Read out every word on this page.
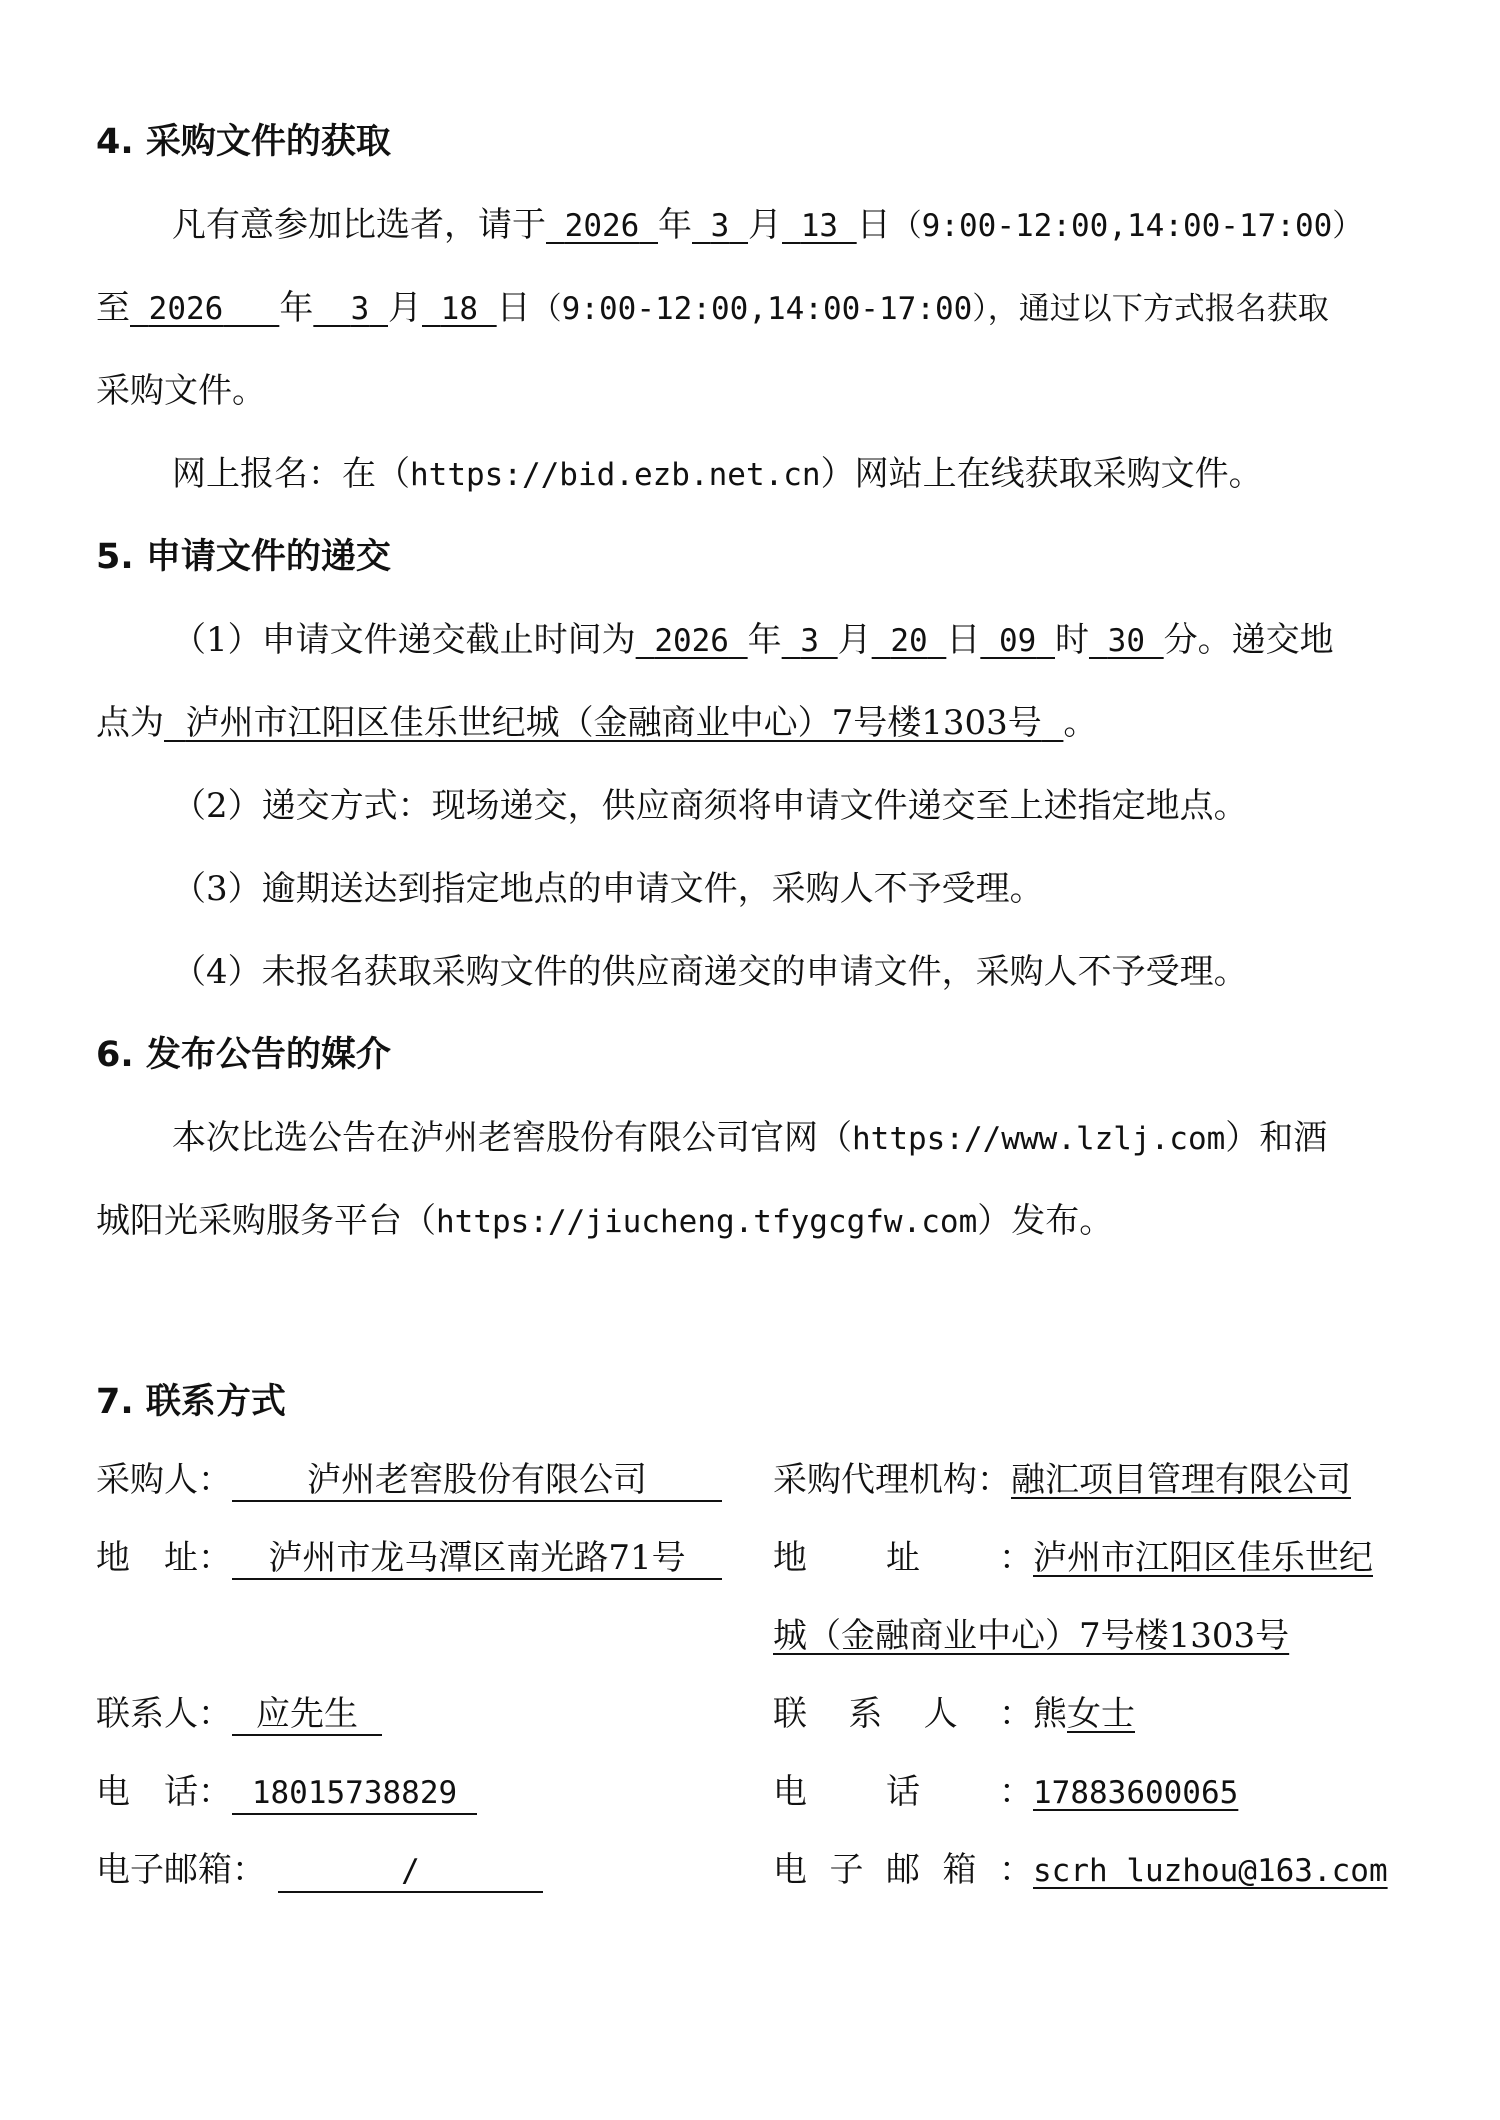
4. 采购文件的获取
凡有意参加比选者，请于 2026 年 3 月 13 日（9:00-12:00,14:00-17:00）
至 2026 年 3 月 18 日（9:00-12:00,14:00-17:00），通过以下方式报名获取
采购文件。
网上报名：在（https://bid.ezb.net.cn）网站上在线获取采购文件。
5. 申请文件的递交
（1）申请文件递交截止时间为 2026 年 3 月 20 日 09 时 30 分。递交地
点为 泸州市江阳区佳乐世纪城（金融商业中心）7号楼1303号 。
（2）递交方式：现场递交，供应商须将申请文件递交至上述指定地点。
（3）逾期送达到指定地点的申请文件，采购人不予受理。
（4）未报名获取采购文件的供应商递交的申请文件，采购人不予受理。
6. 发布公告的媒介
本次比选公告在泸州老窖股份有限公司官网（https://www.lzlj.com）和酒
城阳光采购服务平台（https://jiucheng.tfygcgfw.com）发布。
7. 联系方式
采购人： 泸州老窖股份有限公司
地　址： 泸州市龙马潭区南光路71号
联系人： 应先生
电　话： 18015738829
电子邮箱：	/
采购代理机构：融汇项目管理有限公司
地址：泸州市江阳区佳乐世纪
城（金融商业中心）7号楼1303号
联系人：熊女士
电话：17883600065
电子邮箱：scrh_luzhou@163.com
